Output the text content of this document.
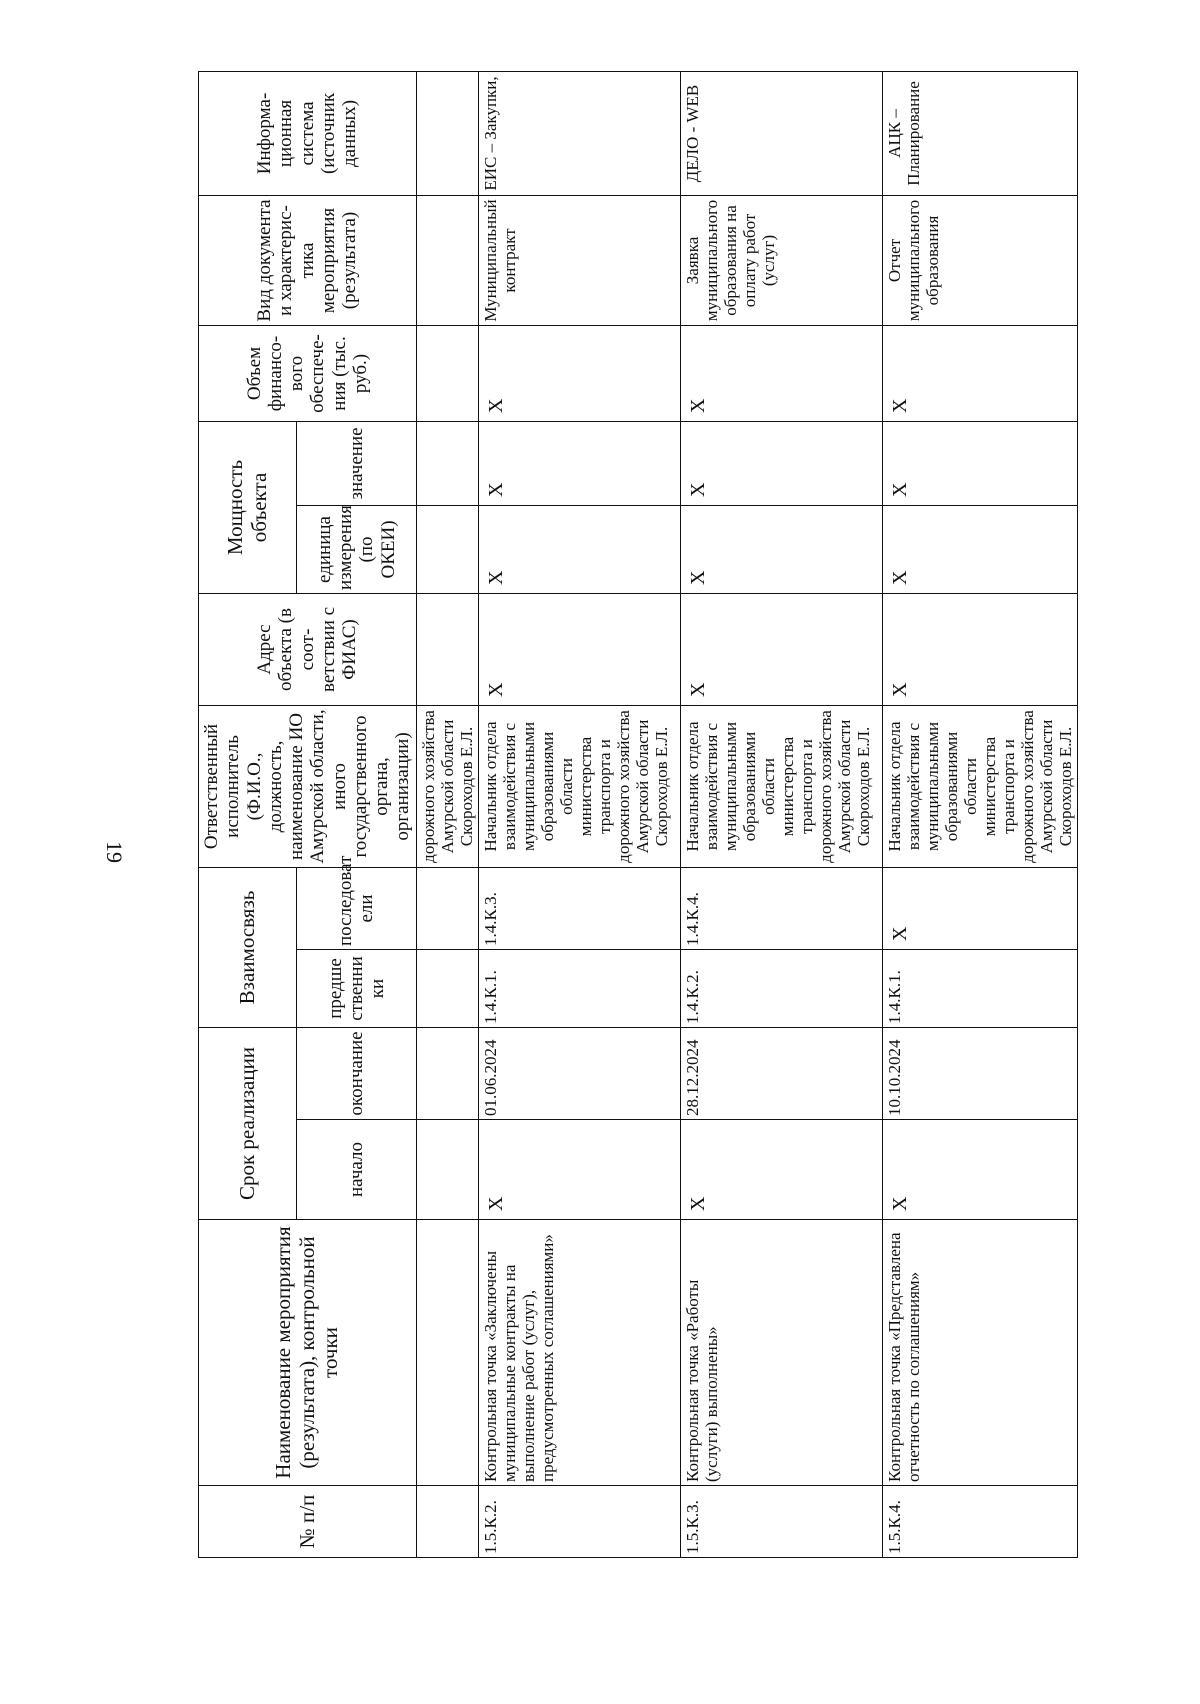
19
№ п/п	Наименование мероприятия (результата), контрольной точки	Срок реализации		Взаимосвязь		Ответственный исполнитель (Ф.И.О., должность, наименование ИО Амурской области, иного государственного органа, организации)	Адрес объекта (в соот- ветствии с ФИАС)	Мощность объекта		Объем финансо- вого обеспече- ния (тыс. руб.)	Вид документа и характерис- тика мероприятия (результата)	Информа- ционная система (источник данных)
		начало	окончание	предше ственни ки	последоват ели			единица измерения (по ОКЕИ)	значение			
						дорожного хозяйства Амурской области Скороходов Е.Л.						
1.5.К.2.	Контрольная точка «Заключены муниципальные контракты на выполнение работ (услуг), предусмотренных соглашениями»	X	01.06.2024	1.4.К.1.	1.4.К.3.	Начальник отдела взаимодействия с муниципальными образованиями области министерства транспорта и дорожного хозяйства Амурской области Скороходов Е.Л.	X	X	X	X	Муниципальный контракт	ЕИС – Закупки,
1.5.К.3.	Контрольная точка «Работы (услуги) выполнены»	X	28.12.2024	1.4.К.2.	1.4.К.4.	Начальник отдела взаимодействия с муниципальными образованиями области министерства транспорта и дорожного хозяйства Амурской области Скороходов Е.Л.	X	X	X	X	Заявка муниципального образования на оплату работ (услуг)	ДЕЛО - WEB
1.5.К.4.	Контрольная точка «Представлена отчетность по соглашениям»	X	10.10.2024	1.4.К.1.	X	Начальник отдела взаимодействия с муниципальными образованиями области министерства транспорта и дорожного хозяйства Амурской области Скороходов Е.Л.	X	X	X	X	Отчет муниципального образования	АЦК – Планирование
